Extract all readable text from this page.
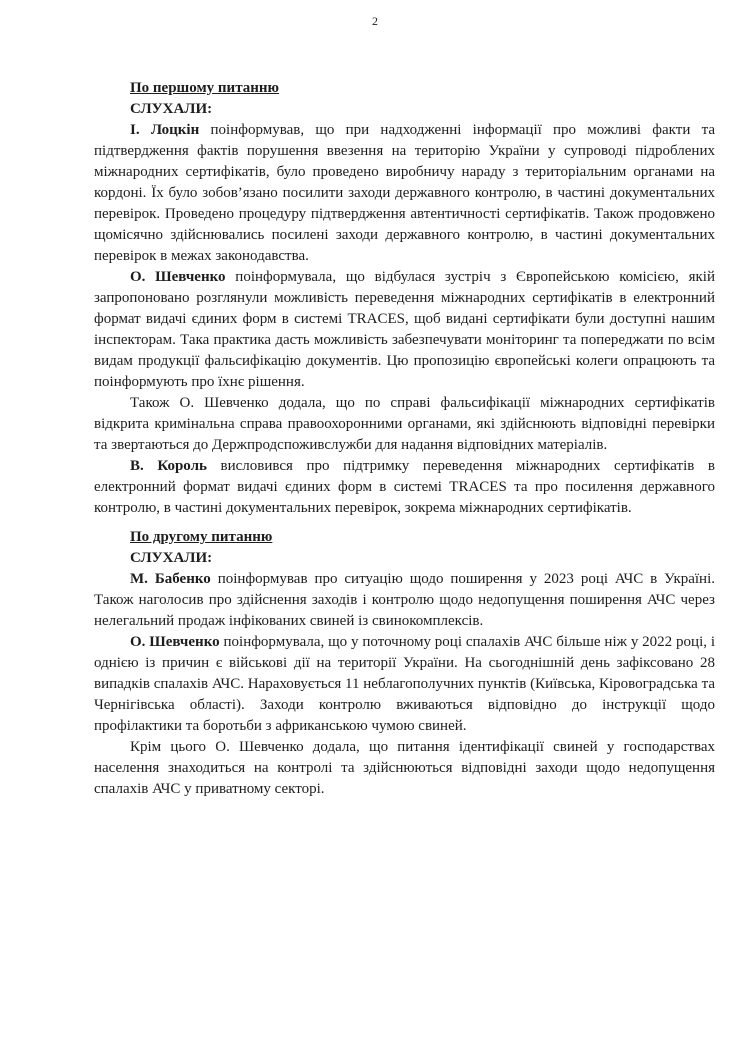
2
По першому питанню
СЛУХАЛИ:

І. Лоцкін поінформував, що при надходженні інформації про можливі факти та підтвердження фактів порушення ввезення на територію України у супроводі підроблених міжнародних сертифікатів, було проведено виробничу нараду з територіальним органами на кордоні. Їх було зобов’язано посилити заходи державного контролю, в частині документальних перевірок. Проведено процедуру підтвердження автентичності сертифікатів. Також продовжено щомісячно здійснювались посилені заходи державного контролю, в частині документальних перевірок в межах законодавства.

О. Шевченко поінформувала, що відбулася зустріч з Європейською комісією, якій запропоновано розглянули можливість переведення міжнародних сертифікатів в електронний формат видачі єдиних форм в системі TRACES, щоб видані сертифікати були доступні нашим інспекторам. Така практика дасть можливість забезпечувати моніторинг та попереджати по всім видам продукції фальсифікацію документів. Цю пропозицію європейські колеги опрацюють та поінформують про їхнє рішення.

Також О. Шевченко додала, що по справі фальсифікації міжнародних сертифікатів відкрита кримінальна справа правоохоронними органами, які здійснюють відповідні перевірки та звертаються до Держпродспоживслужби для надання відповідних матеріалів.

В. Король висловився про підтримку переведення міжнародних сертифікатів в електронний формат видачі єдиних форм в системі TRACES та про посилення державного контролю, в частині документальних перевірок, зокрема міжнародних сертифікатів.

По другому питанню
СЛУХАЛИ:

М. Бабенко поінформував про ситуацію щодо поширення у 2023 році АЧС в Україні. Також наголосив про здійснення заходів і контролю щодо недопущення поширення АЧС через нелегальний продаж інфікованих свиней із свинокомплексів.

О. Шевченко поінформувала, що у поточному році спалахів АЧС більше ніж у 2022 році, і однією із причин є військові дії на території України. На сьогоднішній день зафіксовано 28 випадків спалахів АЧС. Нараховується 11 неблагополучних пунктів (Київська, Кіровоградська та Чернігівська області). Заходи контролю вживаються відповідно до інструкції щодо профілактики та боротьби з африканською чумою свиней.

Крім цього О. Шевченко додала, що питання ідентифікації свиней у господарствах населення знаходиться на контролі та здійснюються відповідні заходи щодо недопущення спалахів АЧС у приватному секторі.
